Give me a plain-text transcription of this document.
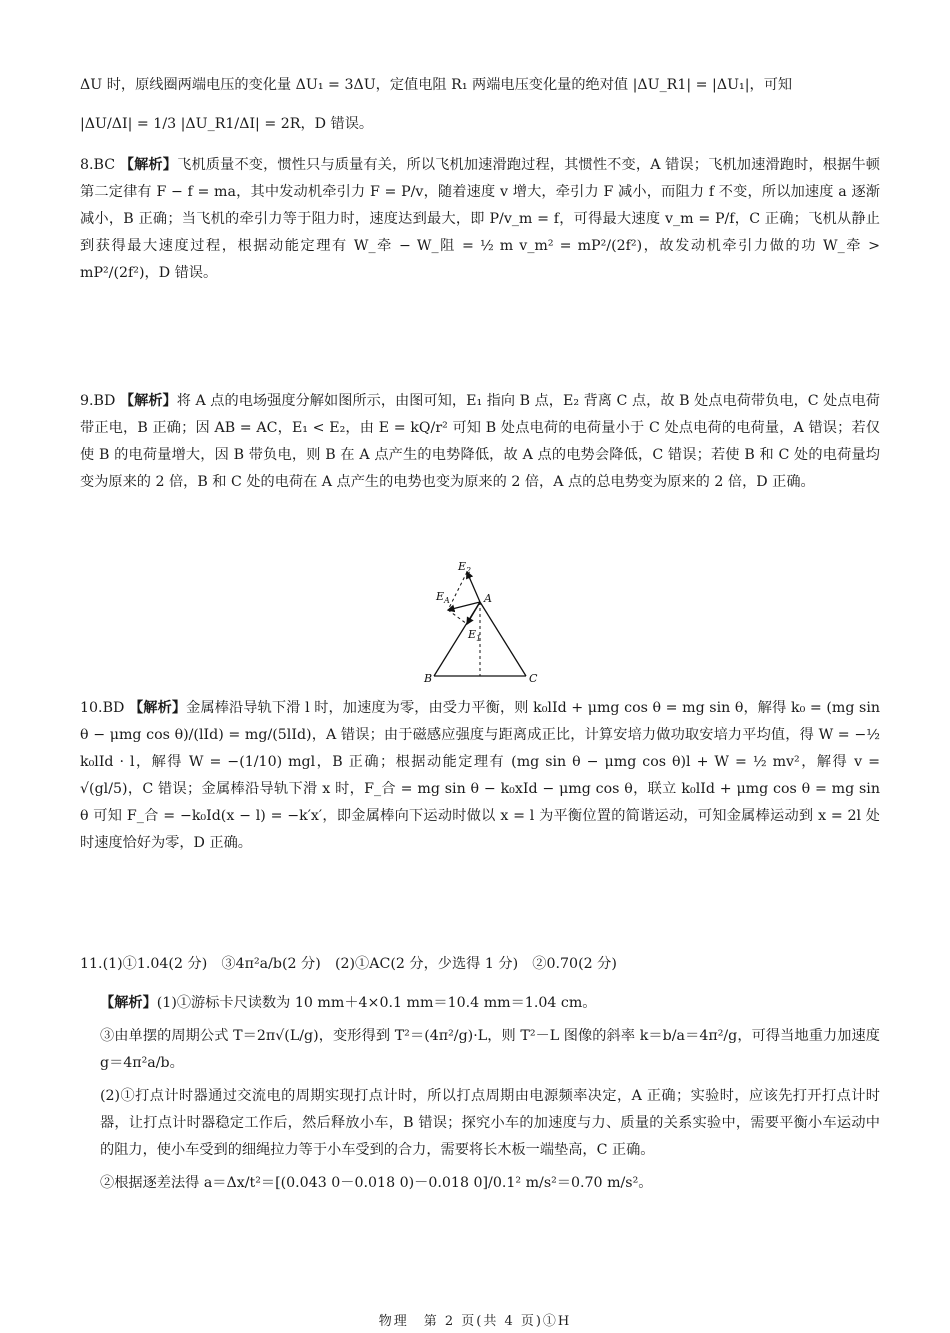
ΔU 时，原线圈两端电压的变化量 ΔU₁ = 3ΔU，定值电阻 R₁ 两端电压变化量的绝对值 |ΔU_R1| = |ΔU₁|，可知
|ΔU/ΔI| = 1/3 |ΔU_R1/ΔI| = 2R，D 错误。
8.BC 【解析】飞机质量不变，惯性只与质量有关，所以飞机加速滑跑过程，其惯性不变，A 错误；飞机加速滑跑时，根据牛顿第二定律有 F − f = ma，其中发动机牵引力 F = P/v，随着速度 v 增大，牵引力 F 减小，而阻力 f 不变，所以加速度 a 逐渐减小，B 正确；当飞机的牵引力等于阻力时，速度达到最大，即 P/v_m = f，可得最大速度 v_m = P/f，C 正确；飞机从静止到获得最大速度过程，根据动能定理有 W_牵 − W_阻 = ½ m v_m² = mP²/(2f²)，故发动机牵引力做的功 W_牵 > mP²/(2f²)，D 错误。
9.BD 【解析】将 A 点的电场强度分解如图所示，由图可知，E₁ 指向 B 点，E₂ 背离 C 点，故 B 处点电荷带负电，C 处点电荷带正电，B 正确；因 AB = AC，E₁ < E₂，由 E = kQ/r² 可知 B 处点电荷的电荷量小于 C 处点电荷的电荷量，A 错误；若仅使 B 的电荷量增大，因 B 带负电，则 B 在 A 点产生的电势降低，故 A 点的电势会降低，C 错误；若使 B 和 C 处的电荷量均变为原来的 2 倍，B 和 C 处的电荷在 A 点产生的电势也变为原来的 2 倍，A 点的总电势变为原来的 2 倍，D 正确。
$E_2$
$E_A$	A
$E_1$
B	C
10.BD 【解析】金属棒沿导轨下滑 l 时，加速度为零，由受力平衡，则 k₀lId + μmg cos θ = mg sin θ，解得 k₀ = (mg sin θ − μmg cos θ)/(lId) = mg/(5lId)，A 错误；由于磁感应强度与距离成正比，计算安培力做功取安培力平均值，得 W = −½ k₀lId · l，解得 W = −(1/10) mgl，B 正确；根据动能定理有 (mg sin θ − μmg cos θ)l + W = ½ mv²，解得 v = √(gl/5)，C 错误；金属棒沿导轨下滑 x 时，F_合 = mg sin θ − k₀xId − μmg cos θ，联立 k₀lId + μmg cos θ = mg sin θ 可知 F_合 = −k₀Id(x − l) = −k′x′，即金属棒向下运动时做以 x = l 为平衡位置的简谐运动，可知金属棒运动到 x = 2l 处时速度恰好为零，D 正确。
11.(1)①1.04(2 分)　③4π²a/b(2 分)　(2)①AC(2 分，少选得 1 分)　②0.70(2 分)
【解析】(1)①游标卡尺读数为 10 mm＋4×0.1 mm＝10.4 mm＝1.04 cm。
③由单摆的周期公式 T＝2π√(L/g)，变形得到 T²＝(4π²/g)·L，则 T²－L 图像的斜率 k＝b/a＝4π²/g，可得当地重力加速度 g＝4π²a/b。
(2)①打点计时器通过交流电的周期实现打点计时，所以打点周期由电源频率决定，A 正确；实验时，应该先打开打点计时器，让打点计时器稳定工作后，然后释放小车，B 错误；探究小车的加速度与力、质量的关系实验中，需要平衡小车运动中的阻力，使小车受到的细绳拉力等于小车受到的合力，需要将长木板一端垫高，C 正确。
②根据逐差法得 a＝Δx/t²＝[(0.043 0－0.018 0)－0.018 0]/0.1² m/s²＝0.70 m/s²。
物理　第 2 页(共 4 页)①H
